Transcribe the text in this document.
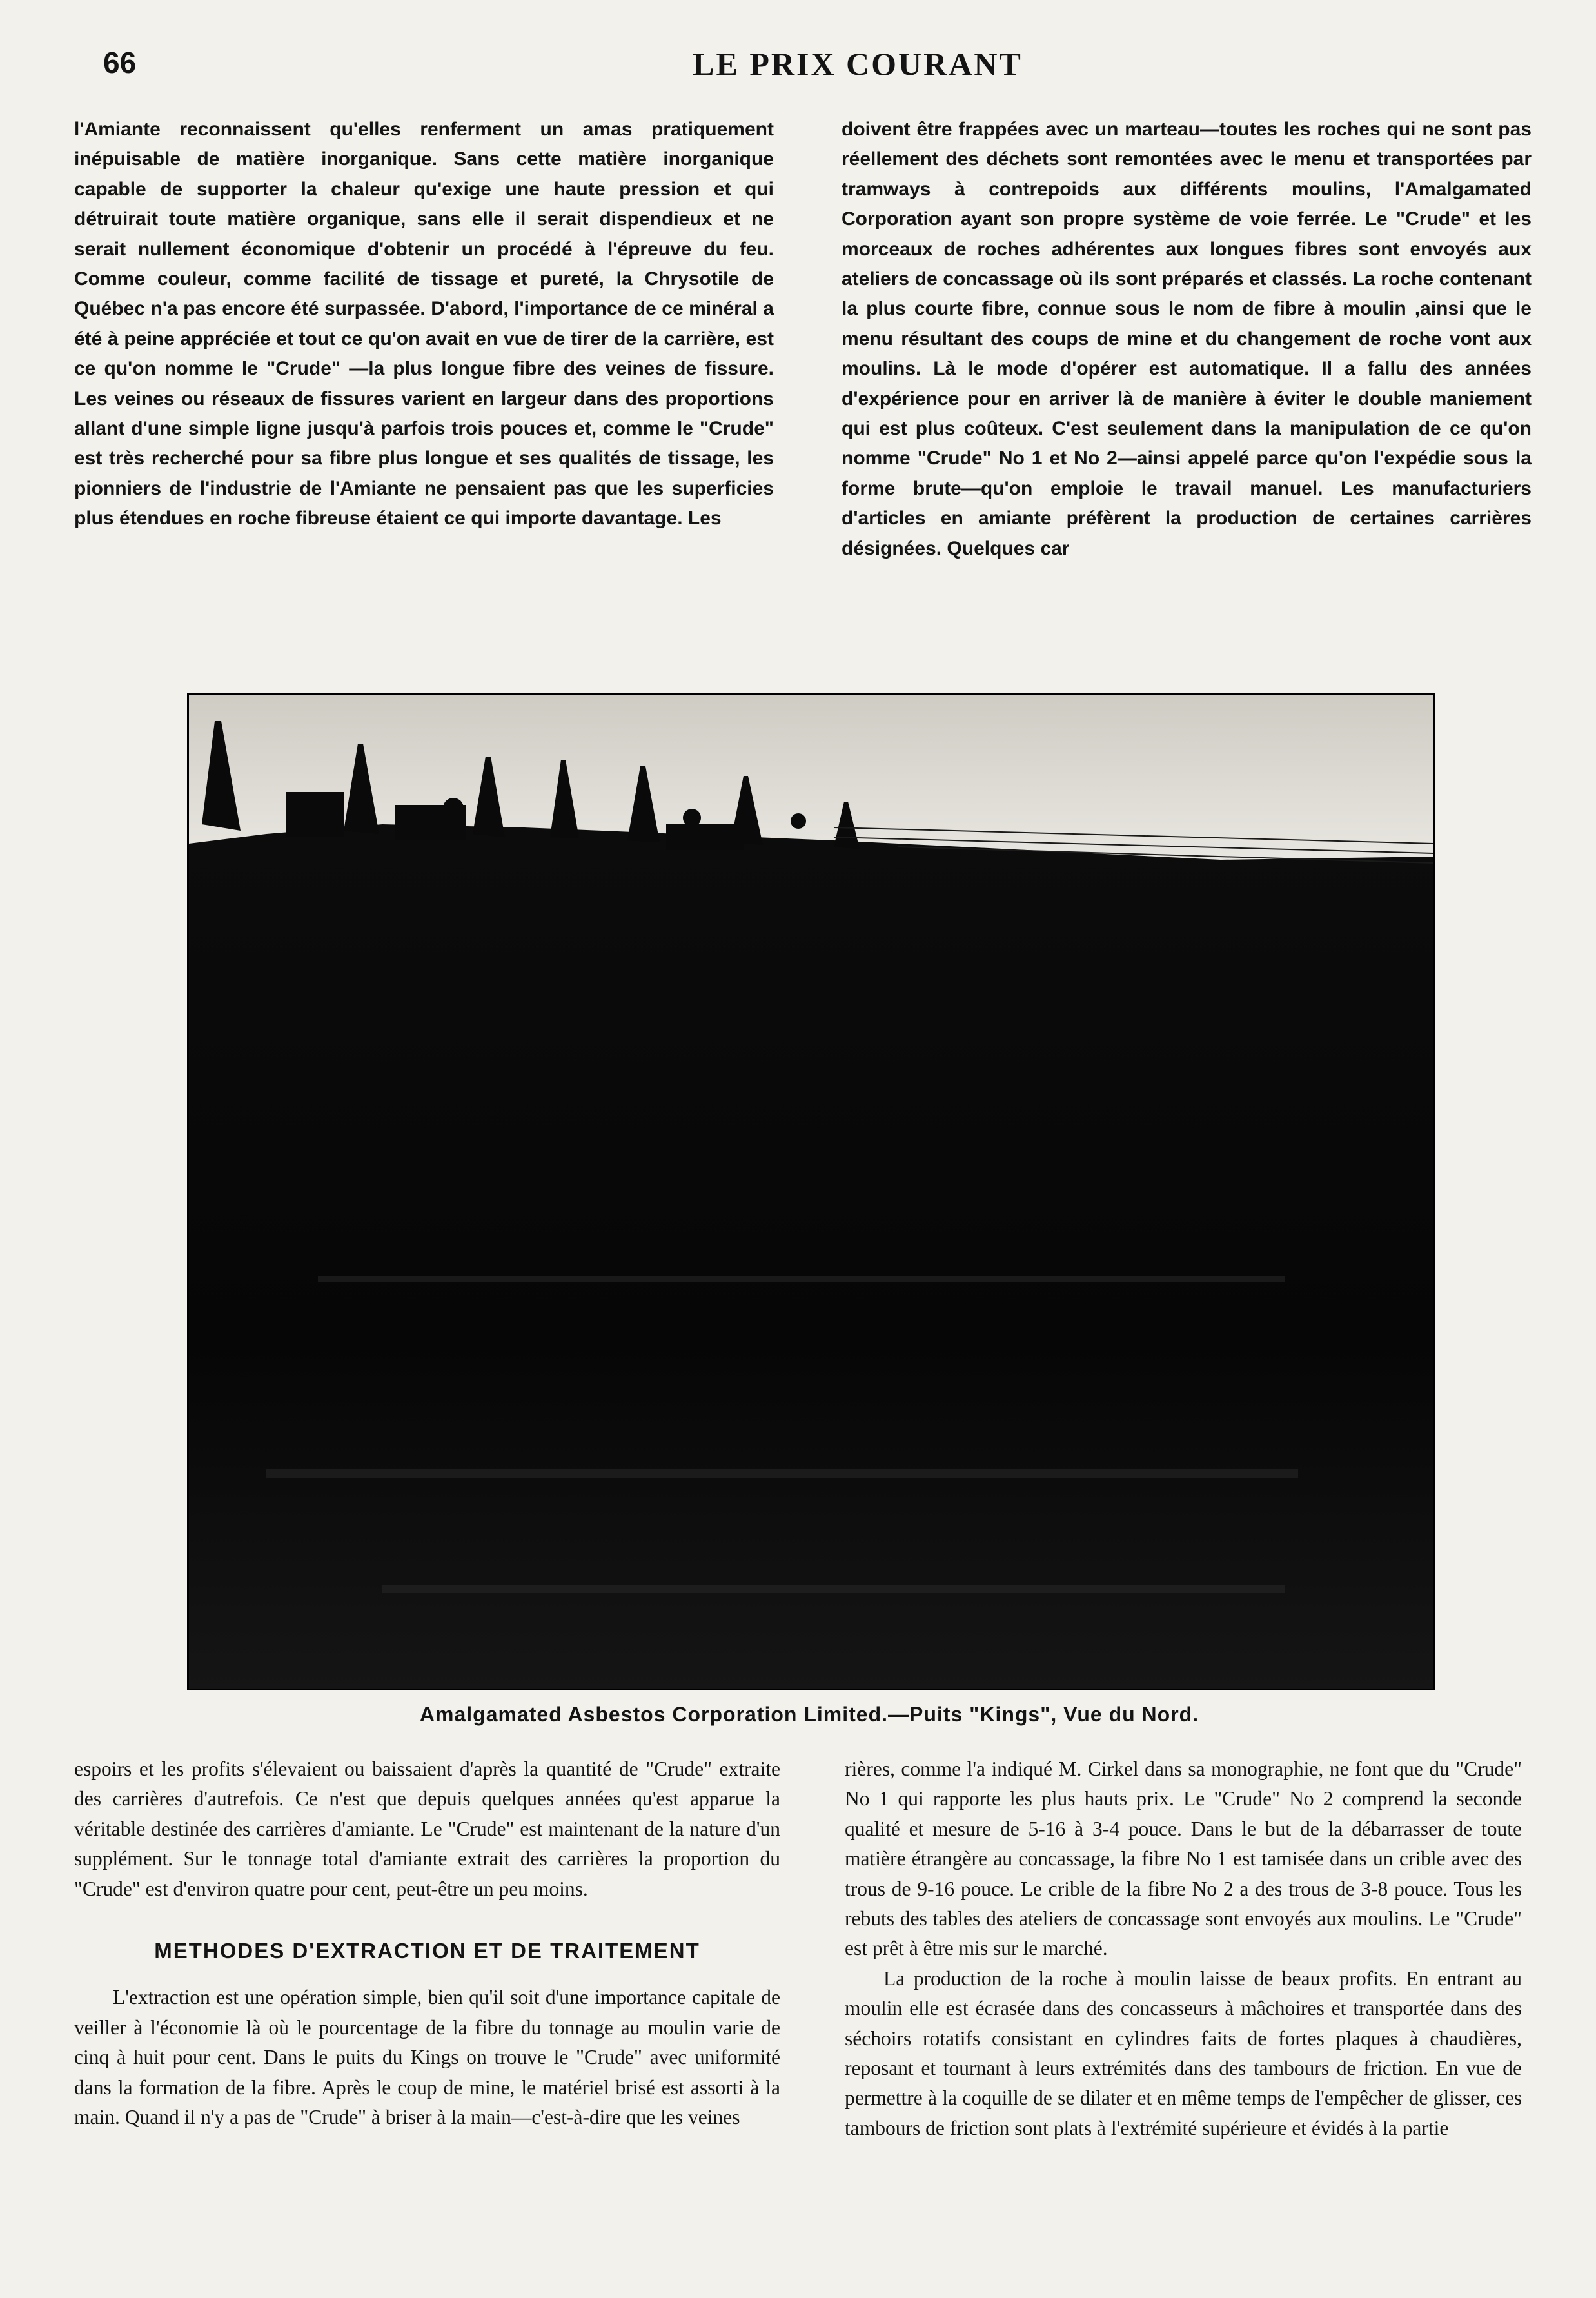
66	LE PRIX COURANT

l'Amiante reconnaissent qu'elles renferment un amas pratiquement inépuisable de matière inorganique. Sans cette matière inorganique capable de supporter la chaleur qu'exige une haute pression et qui détruirait toute matière organique, sans elle il serait dispendieux et ne serait nullement économique d'obtenir un procédé à l'épreuve du feu. Comme couleur, comme facilité de tissage et pureté, la Chrysotile de Québec n'a pas encore été surpassée. D'abord, l'importance de ce minéral a été à peine appréciée et tout ce qu'on avait en vue de tirer de la carrière, est ce qu'on nomme le "Crude" —la plus longue fibre des veines de fissure. Les veines ou réseaux de fissures varient en largeur dans des proportions allant d'une simple ligne jusqu'à parfois trois pouces et, comme le "Crude" est très recherché pour sa fibre plus longue et ses qualités de tissage, les pionniers de l'industrie de l'Amiante ne pensaient pas que les superficies plus étendues en roche fibreuse étaient ce qui importe davantage. Les

doivent être frappées avec un marteau—toutes les roches qui ne sont pas réellement des déchets sont remontées avec le menu et transportées par tramways à contrepoids aux différents moulins, l'Amalgamated Corporation ayant son propre système de voie ferrée. Le "Crude" et les morceaux de roches adhérentes aux longues fibres sont envoyés aux ateliers de concassage où ils sont préparés et classés. La roche contenant la plus courte fibre, connue sous le nom de fibre à moulin ,ainsi que le menu résultant des coups de mine et du changement de roche vont aux moulins. Là le mode d'opérer est automatique. Il a fallu des années d'expérience pour en arriver là de manière à éviter le double maniement qui est plus coûteux. C'est seulement dans la manipulation de ce qu'on nomme "Crude" No 1 et No 2—ainsi appelé parce qu'on l'expédie sous la forme brute—qu'on emploie le travail manuel. Les manufacturiers d'articles en amiante préfèrent la production de certaines carrières désignées. Quelques car

Amalgamated Asbestos Corporation Limited.—Puits "Kings", Vue du Nord.

espoirs et les profits s'élevaient ou baissaient d'après la quantité de "Crude" extraite des carrières d'autrefois. Ce n'est que depuis quelques années qu'est apparue la véritable destinée des carrières d'amiante. Le "Crude" est maintenant de la nature d'un supplément. Sur le tonnage total d'amiante extrait des carrières la proportion du "Crude" est d'environ quatre pour cent, peut-être un peu moins.

METHODES D'EXTRACTION ET DE TRAITEMENT

L'extraction est une opération simple, bien qu'il soit d'une importance capitale de veiller à l'économie là où le pourcentage de la fibre du tonnage au moulin varie de cinq à huit pour cent. Dans le puits du Kings on trouve le "Crude" avec uniformité dans la formation de la fibre. Après le coup de mine, le matériel brisé est assorti à la main. Quand il n'y a pas de "Crude" à briser à la main—c'est-à-dire que les veines

rières, comme l'a indiqué M. Cirkel dans sa monographie, ne font que du "Crude" No 1 qui rapporte les plus hauts prix. Le "Crude" No 2 comprend la seconde qualité et mesure de 5-16 à 3-4 pouce. Dans le but de la débarrasser de toute matière étrangère au concassage, la fibre No 1 est tamisée dans un crible avec des trous de 9-16 pouce. Le crible de la fibre No 2 a des trous de 3-8 pouce. Tous les rebuts des tables des ateliers de concassage sont envoyés aux moulins. Le "Crude" est prêt à être mis sur le marché.

La production de la roche à moulin laisse de beaux profits. En entrant au moulin elle est écrasée dans des concasseurs à mâchoires et transportée dans des séchoirs rotatifs consistant en cylindres faits de fortes plaques à chaudières, reposant et tournant à leurs extrémités dans des tambours de friction. En vue de permettre à la coquille de se dilater et en même temps de l'empêcher de glisser, ces tambours de friction sont plats à l'extrémité supérieure et évidés à la partie
